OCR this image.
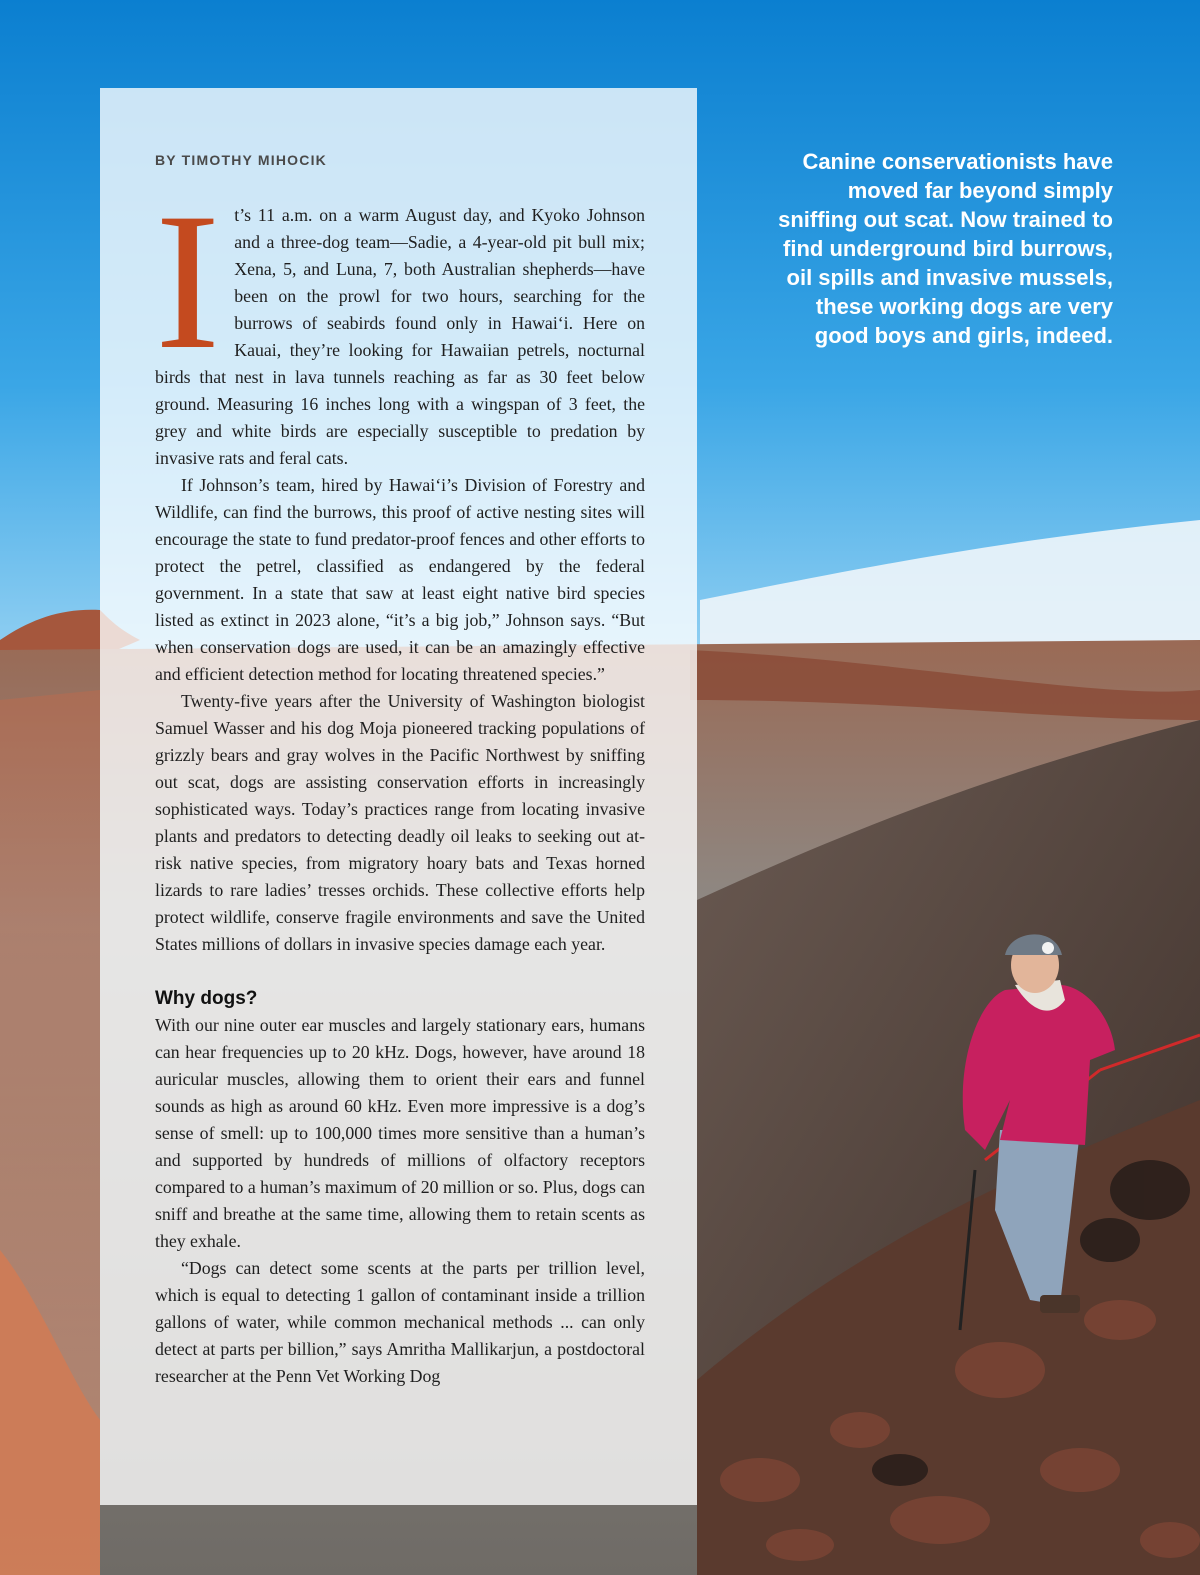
BY TIMOTHY MIHOCIK

It’s 11 a.m. on a warm August day, and Kyoko Johnson and a three-dog team—Sadie, a 4-year-old pit bull mix; Xena, 5, and Luna, 7, both Australian shepherds—have been on the prowl for two hours, searching for the burrows of seabirds found only in Hawai‘i. Here on Kauai, they’re looking for Hawaiian petrels, nocturnal birds that nest in lava tunnels reaching as far as 30 feet below ground. Measuring 16 inches long with a wingspan of 3 feet, the grey and white birds are especially susceptible to predation by invasive rats and feral cats.

If Johnson’s team, hired by Hawai‘i’s Division of Forestry and Wildlife, can find the burrows, this proof of active nesting sites will encourage the state to fund predator-proof fences and other efforts to protect the petrel, classified as endangered by the federal government. In a state that saw at least eight native bird species listed as extinct in 2023 alone, “it’s a big job,” Johnson says. “But when conservation dogs are used, it can be an amazingly effective and efficient detection method for locating threatened species.”

Twenty-five years after the University of Washington biologist Samuel Wasser and his dog Moja pioneered tracking populations of grizzly bears and gray wolves in the Pacific Northwest by sniffing out scat, dogs are assisting conservation efforts in increasingly sophisticated ways. Today’s practices range from locating invasive plants and predators to detecting deadly oil leaks to seeking out at-risk native species, from migratory hoary bats and Texas horned lizards to rare ladies’ tresses orchids. These collective efforts help protect wildlife, conserve fragile environments and save the United States millions of dollars in invasive species damage each year.

Why dogs?

With our nine outer ear muscles and largely stationary ears, humans can hear frequencies up to 20 kHz. Dogs, however, have around 18 auricular muscles, allowing them to orient their ears and funnel sounds as high as around 60 kHz. Even more impressive is a dog’s sense of smell: up to 100,000 times more sensitive than a human’s and supported by hundreds of millions of olfactory receptors compared to a human’s maximum of 20 million or so. Plus, dogs can sniff and breathe at the same time, allowing them to retain scents as they exhale.

“Dogs can detect some scents at the parts per trillion level, which is equal to detecting 1 gallon of contaminant inside a trillion gallons of water, while common mechanical methods ... can only detect at parts per billion,” says Amritha Mallikarjun, a postdoctoral researcher at the Penn Vet Working Dog

Canine conservationists have moved far beyond simply sniffing out scat. Now trained to find underground bird burrows, oil spills and invasive mussels, these working dogs are very good boys and girls, indeed.
